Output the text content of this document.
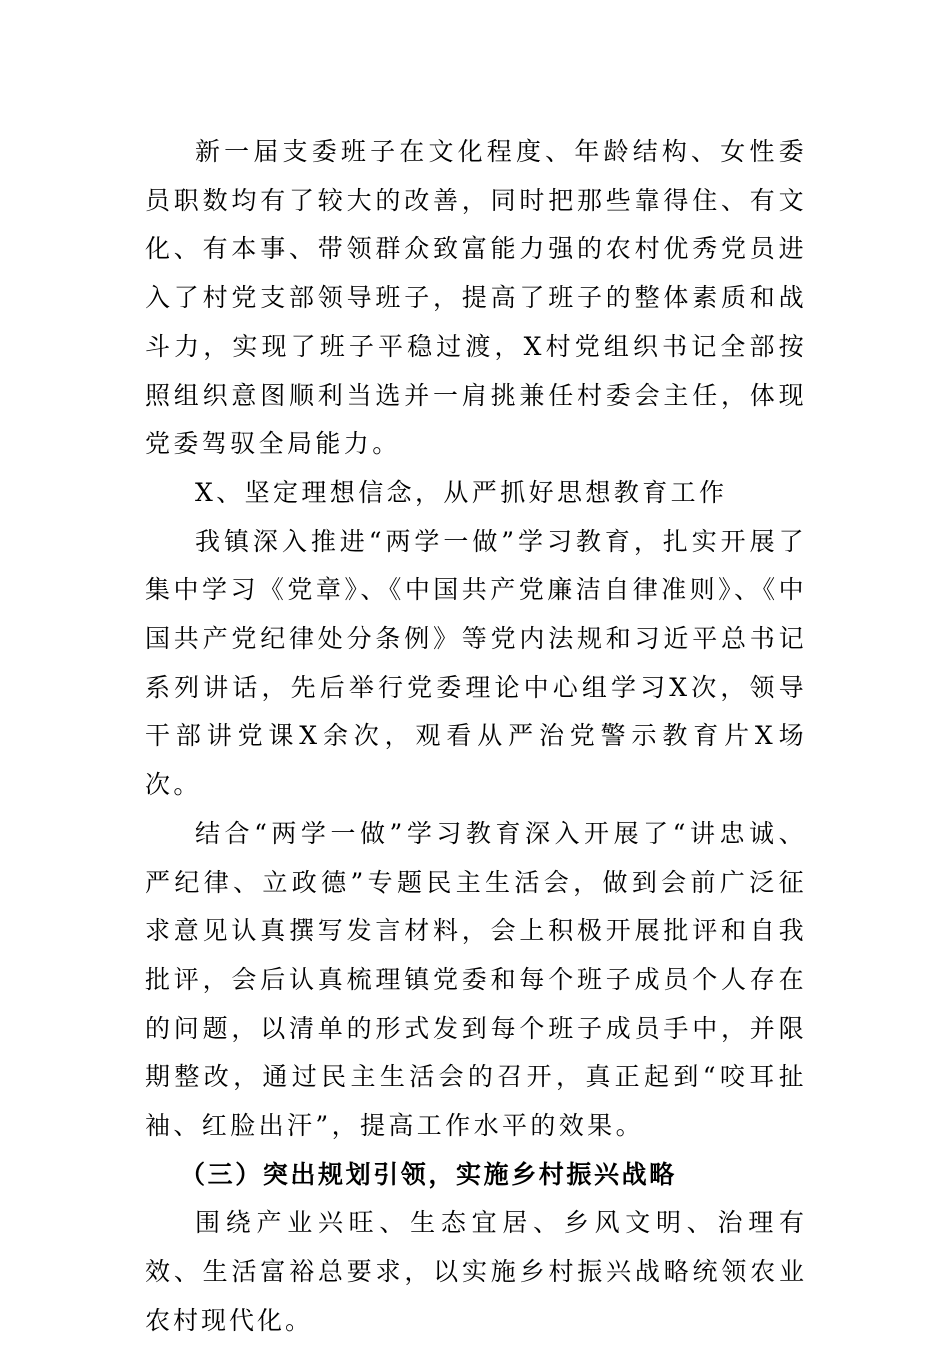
新一届支委班子在文化程度、年龄结构、女性委员职数均有了较大的改善，同时把那些靠得住、有文化、有本事、带领群众致富能力强的农村优秀党员进入了村党支部领导班子，提高了班子的整体素质和战斗力，实现了班子平稳过渡，X村党组织书记全部按照组织意图顺利当选并一肩挑兼任村委会主任，体现党委驾驭全局能力。

X、坚定理想信念，从严抓好思想教育工作

我镇深入推进“两学一做”学习教育，扎实开展了集中学习《党章》、《中国共产党廉洁自律准则》、《中国共产党纪律处分条例》等党内法规和习近平总书记系列讲话，先后举行党委理论中心组学习X次，领导干部讲党课X余次，观看从严治党警示教育片X场次。

结合“两学一做”学习教育深入开展了“讲忠诚、严纪律、立政德”专题民主生活会，做到会前广泛征求意见认真撰写发言材料，会上积极开展批评和自我批评，会后认真梳理镇党委和每个班子成员个人存在的问题，以清单的形式发到每个班子成员手中，并限期整改，通过民主生活会的召开，真正起到“咬耳扯袖、红脸出汗”，提高工作水平的效果。

（三）突出规划引领，实施乡村振兴战略

围绕产业兴旺、生态宜居、乡风文明、治理有效、生活富裕总要求，以实施乡村振兴战略统领农业农村现代化。
